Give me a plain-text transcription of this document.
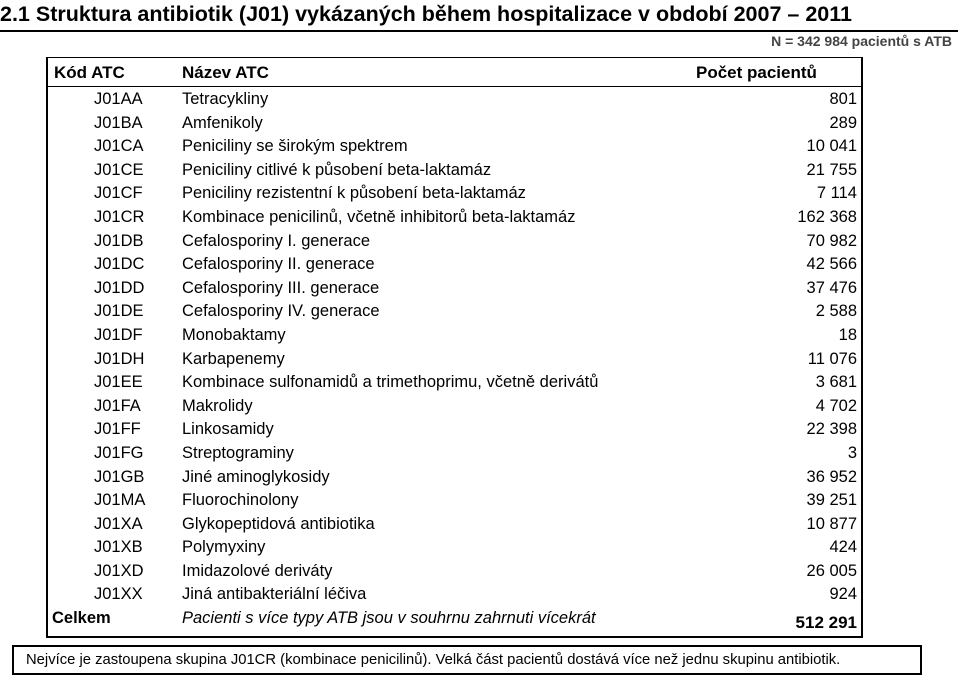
2.1 Struktura antibiotik (J01) vykázaných během hospitalizace v období 2007 – 2011
N = 342 984 pacientů s ATB
Kód ATC	Název ATC	Počet pacientů
J01AA Tetracykliny	801
J01BA Amfenikoly	289
J01CA Peniciliny se širokým spektrem	10 041
J01CE Peniciliny citlivé k působení beta-laktamáz	21 755
J01CF Peniciliny rezistentní k působení beta-laktamáz	7 114
J01CR Kombinace penicilinů, včetně inhibitorů beta-laktamáz	162 368
J01DB Cefalosporiny I. generace	70 982
J01DC Cefalosporiny II. generace	42 566
J01DD Cefalosporiny III. generace	37 476
J01DE Cefalosporiny IV. generace	2 588
J01DF Monobaktamy	18
J01DH Karbapenemy	11 076
J01EE Kombinace sulfonamidů a trimethoprimu, včetně derivátů	3 681
J01FA Makrolidy	4 702
J01FF Linkosamidy	22 398
J01FG Streptograminy	3
J01GB Jiné aminoglykosidy	36 952
J01MA Fluorochinolony	39 251
J01XA Glykopeptidová antibiotika	10 877
J01XB Polymyxiny	424
J01XD Imidazolové deriváty	26 005
J01XX Jiná antibakteriální léčiva	924
Celkem	Pacienti s více typy ATB jsou v souhrnu zahrnuti vícekrát	512 291
Nejvíce je zastoupena skupina J01CR (kombinace penicilinů). Velká část pacientů dostává více než jednu skupinu antibiotik.
